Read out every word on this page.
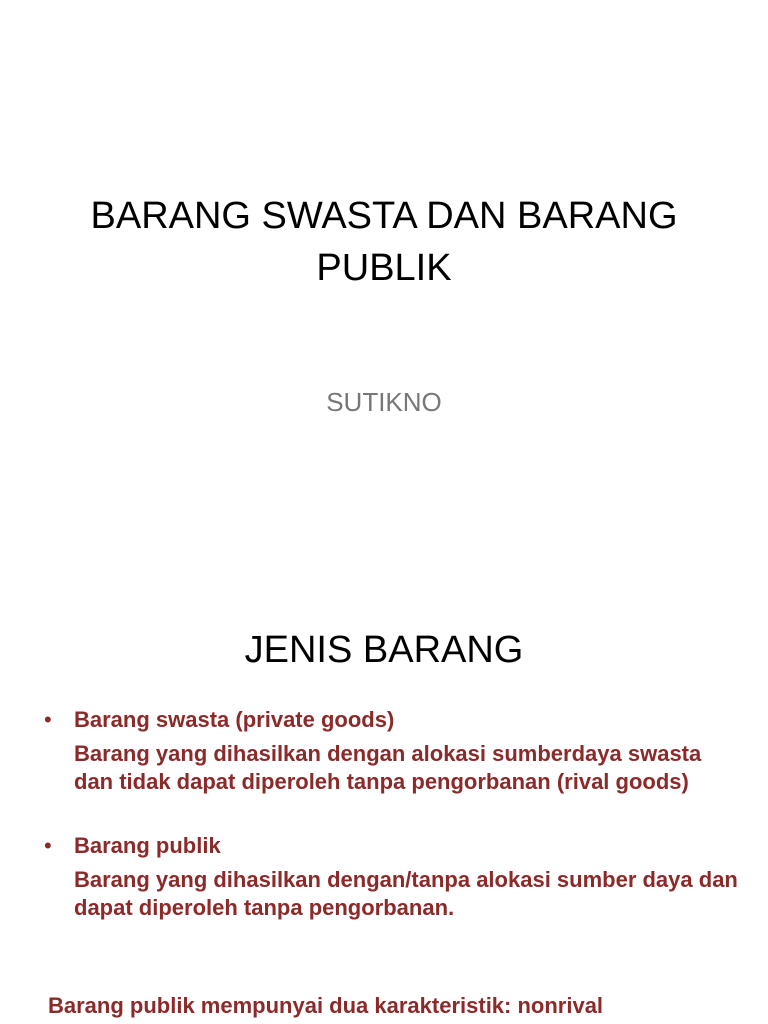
BARANG SWASTA DAN BARANG PUBLIK
SUTIKNO
JENIS BARANG
• Barang swasta (private goods)
Barang yang dihasilkan dengan alokasi sumberdaya swasta dan tidak dapat diperoleh tanpa pengorbanan (rival goods)
• Barang publik
Barang yang dihasilkan dengan/tanpa alokasi sumber daya dan dapat diperoleh tanpa pengorbanan.
Barang publik mempunyai dua karakteristik: nonrival
